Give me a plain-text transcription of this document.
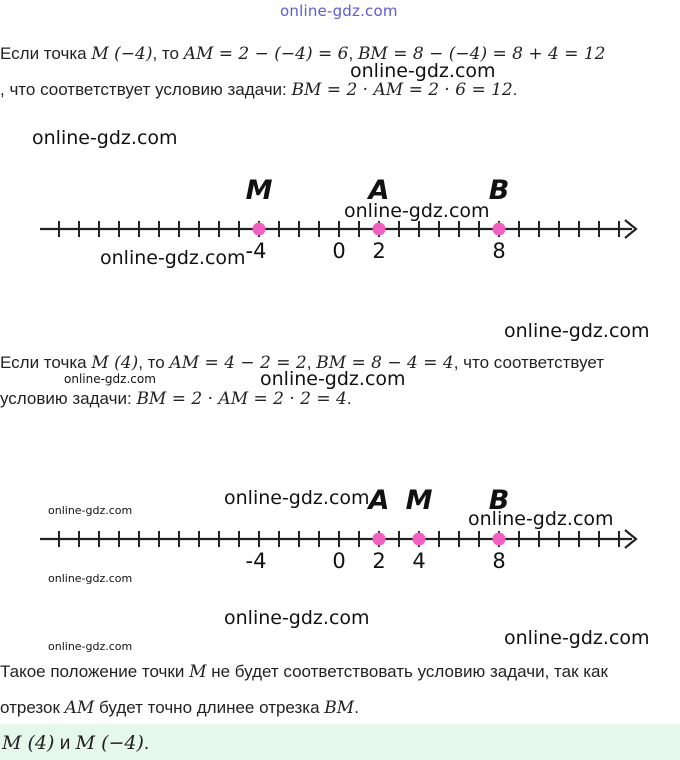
online-gdz.com
online-gdz.com
online-gdz.com
online-gdz.com
online-gdz.com
online-gdz.com
online-gdz.com	online-gdz.com
online-gdz.com
online-gdz.com	online-gdz.com
online-gdz.com
online-gdz.com
online-gdz.com	online-gdz.com
Если точка M (−4), то AM = 2 − (−4) = 6, BM = 8 − (−4) = 8 + 4 = 12
, что соответствует условию задачи: BM = 2 · AM = 2 · 6 = 12.
-4	0 2	8
M	A	B
Если точка M (4), то AM = 4 − 2 = 2, BM = 8 − 4 = 4, что соответствует
условию задачи: BM = 2 · AM = 2 · 2 = 4.
-4	0 2 4	8
A M B
Такое положение точки M не будет соответствовать условию задачи, так как
отрезок AM будет точно длинее отрезка BM.
M (4) и M (−4).
